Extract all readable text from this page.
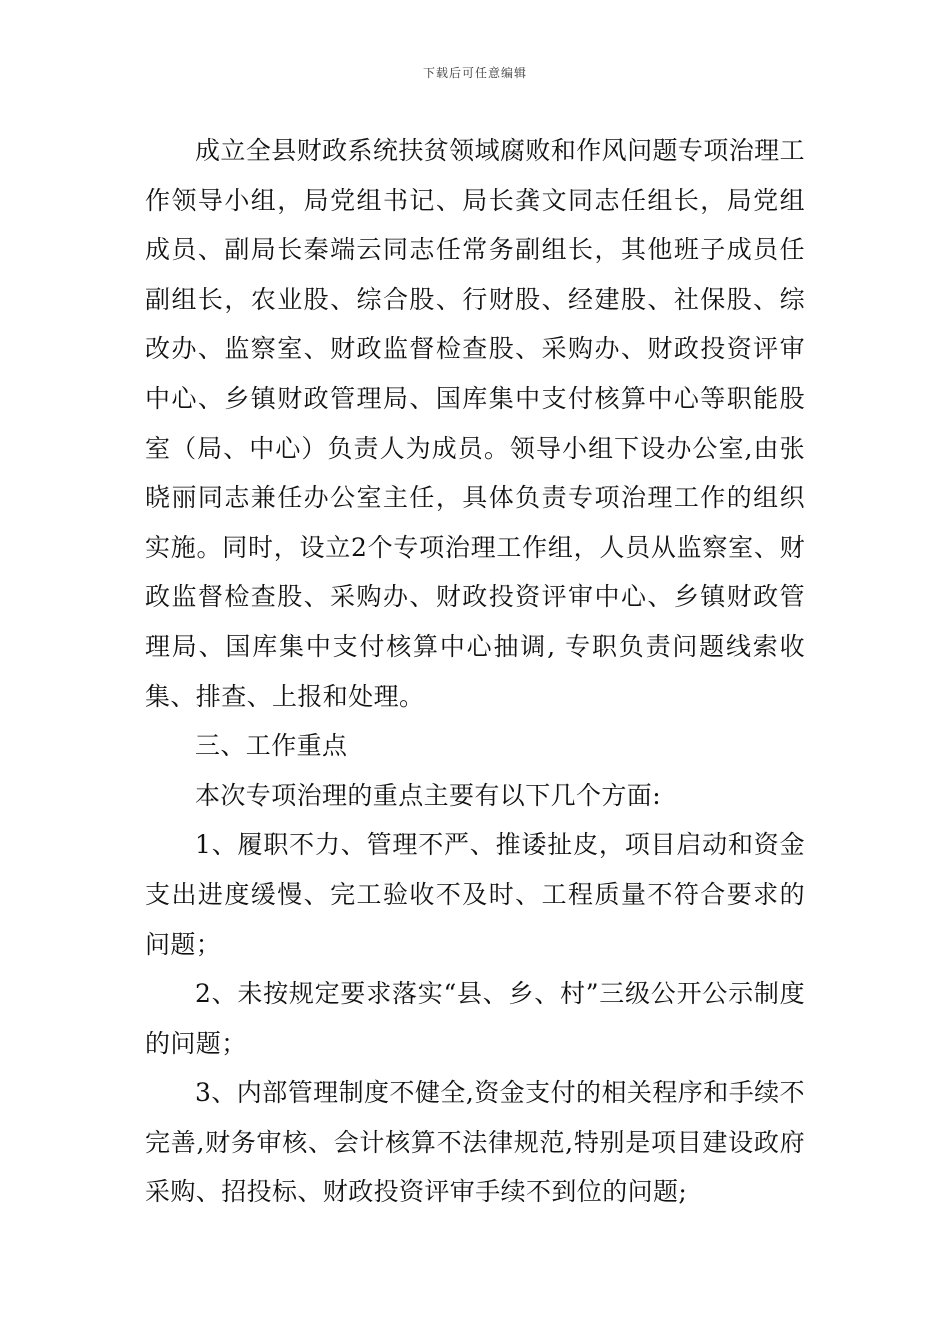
下载后可任意编辑

成立全县财政系统扶贫领域腐败和作风问题专项治理工作领导小组，局党组书记、局长龚文同志任组长，局党组成员、副局长秦端云同志任常务副组长，其他班子成员任副组长，农业股、综合股、行财股、经建股、社保股、综改办、监察室、财政监督检查股、采购办、财政投资评审中心、乡镇财政管理局、国库集中支付核算中心等职能股室（局、中心）负责人为成员。领导小组下设办公室,由张晓丽同志兼任办公室主任，具体负责专项治理工作的组织实施。同时，设立2个专项治理工作组，人员从监察室、财政监督检查股、采购办、财政投资评审中心、乡镇财政管理局、国库集中支付核算中心抽调, 专职负责问题线索收集、排查、上报和处理。

三、工作重点

本次专项治理的重点主要有以下几个方面:

1、履职不力、管理不严、推诿扯皮，项目启动和资金支出进度缓慢、完工验收不及时、工程质量不符合要求的问题；

2、未按规定要求落实“县、乡、村”三级公开公示制度的问题；

3、内部管理制度不健全,资金支付的相关程序和手续不完善,财务审核、会计核算不法律规范,特别是项目建设政府采购、招投标、财政投资评审手续不到位的问题;
